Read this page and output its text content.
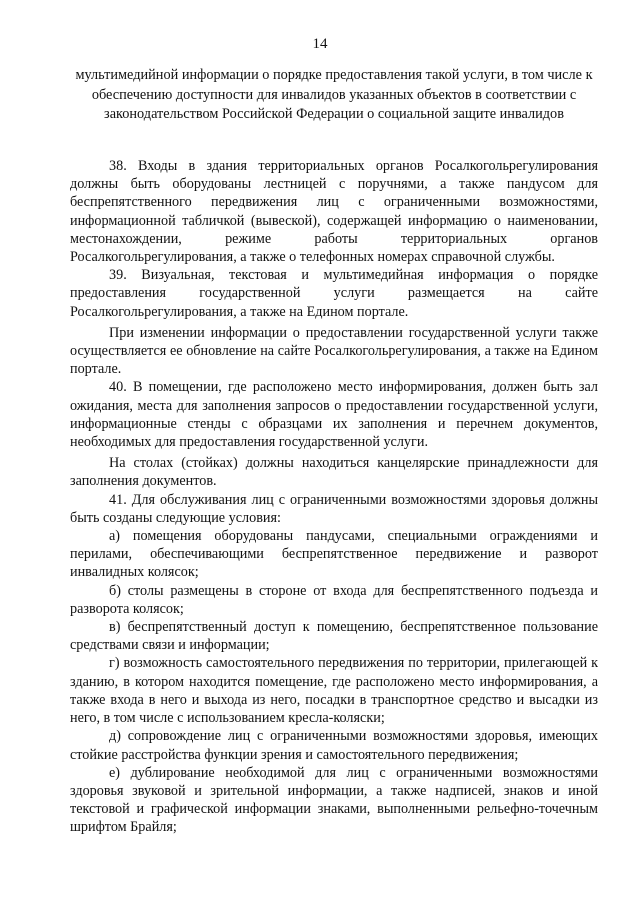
14
мультимедийной информации о порядке предоставления такой услуги, в том числе к обеспечению доступности для инвалидов указанных объектов в соответствии с законодательством Российской Федерации о социальной защите инвалидов

38. Входы в здания территориальных органов Росалкогольрегулирования должны быть оборудованы лестницей с поручнями, а также пандусом для беспрепятственного передвижения лиц с ограниченными возможностями, информационной табличкой (вывеской), содержащей информацию о наименовании, местонахождении, режиме работы территориальных органов Росалкогольрегулирования, а также о телефонных номерах справочной службы.

39. Визуальная, текстовая и мультимедийная информация о порядке предоставления государственной услуги размещается на сайте Росалкогольрегулирования, а также на Едином портале.

При изменении информации о предоставлении государственной услуги также осуществляется ее обновление на сайте Росалкогольрегулирования, а также на Едином портале.

40. В помещении, где расположено место информирования, должен быть зал ожидания, места для заполнения запросов о предоставлении государственной услуги, информационные стенды с образцами их заполнения и перечнем документов, необходимых для предоставления государственной услуги.

На столах (стойках) должны находиться канцелярские принадлежности для заполнения документов.

41. Для обслуживания лиц с ограниченными возможностями здоровья должны быть созданы следующие условия:

а) помещения оборудованы пандусами, специальными ограждениями и перилами, обеспечивающими беспрепятственное передвижение и разворот инвалидных колясок;

б) столы размещены в стороне от входа для беспрепятственного подъезда и разворота колясок;

в) беспрепятственный доступ к помещению, беспрепятственное пользование средствами связи и информации;

г) возможность самостоятельного передвижения по территории, прилегающей к зданию, в котором находится помещение, где расположено место информирования, а также входа в него и выхода из него, посадки в транспортное средство и высадки из него, в том числе с использованием кресла-коляски;

д) сопровождение лиц с ограниченными возможностями здоровья, имеющих стойкие расстройства функции зрения и самостоятельного передвижения;

е) дублирование необходимой для лиц с ограниченными возможностями здоровья звуковой и зрительной информации, а также надписей, знаков и иной текстовой и графической информации знаками, выполненными рельефно-точечным шрифтом Брайля;
